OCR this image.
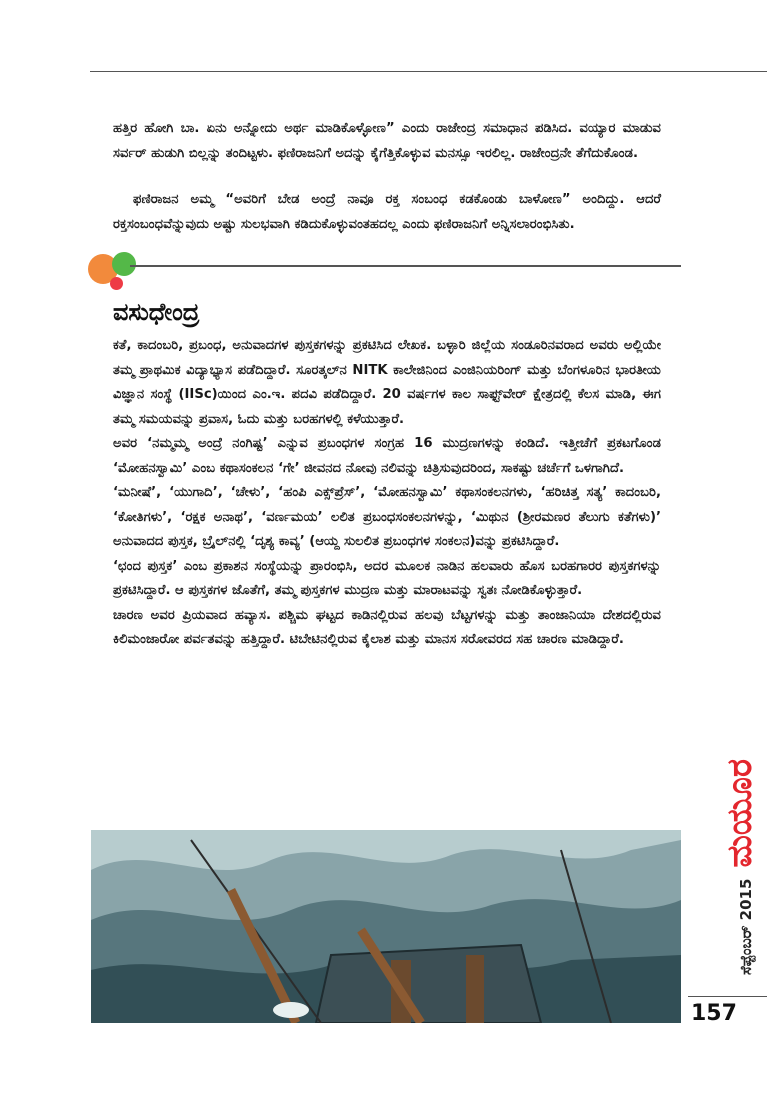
ಹತ್ತಿರ ಹೋಗಿ ಬಾ. ಏನು ಅನ್ನೋದು ಅರ್ಥ ಮಾಡಿಕೊಳ್ಳೋಣ” ಎಂದು ರಾಜೇಂದ್ರ ಸಮಾಧಾನ ಪಡಿಸಿದ. ವಯ್ಯಾರ ಮಾಡುವ ಸರ್ವರ್ ಹುಡುಗಿ ಬಿಲ್ಲನ್ನು ತಂದಿಟ್ಟಳು. ಫಣಿರಾಜನಿಗೆ ಅದನ್ನು ಕೈಗೆತ್ತಿಕೊಳ್ಳುವ ಮನಸ್ಸೂ ಇರಲಿಲ್ಲ. ರಾಜೇಂದ್ರನೇ ತೆಗೆದುಕೊಂಡ.

ಫಣಿರಾಜನ ಅಮ್ಮ “ಅವರಿಗೆ ಬೇಡ ಅಂದ್ರೆ ನಾವೂ ರಕ್ತ ಸಂಬಂಧ ಕಡಕೊಂಡು ಬಾಳೋಣ” ಅಂದಿದ್ದು. ಆದರೆ ರಕ್ತಸಂಬಂಧವೆನ್ನುವುದು ಅಷ್ಟು ಸುಲಭವಾಗಿ ಕಡಿದುಕೊಳ್ಳುವಂತಹದಲ್ಲ ಎಂದು ಫಣಿರಾಜನಿಗೆ ಅನ್ನಿಸಲಾರಂಭಿಸಿತು.

ವಸುಧೇಂದ್ರ

ಕತೆ, ಕಾದಂಬರಿ, ಪ್ರಬಂಧ, ಅನುವಾದಗಳ ಪುಸ್ತಕಗಳನ್ನು ಪ್ರಕಟಿಸಿದ ಲೇಖಕ. ಬಳ್ಳಾರಿ ಜಿಲ್ಲೆಯ ಸಂಡೂರಿನವರಾದ ಅವರು ಅಲ್ಲಿಯೇ ತಮ್ಮ ಪ್ರಾಥಮಿಕ ವಿದ್ಯಾಭ್ಯಾಸ ಪಡೆದಿದ್ದಾರೆ. ಸೂರತ್ಕಲ್‌ನ NITK ಕಾಲೇಜಿನಿಂದ ಎಂಜಿನಿಯರಿಂಗ್ ಮತ್ತು ಬೆಂಗಳೂರಿನ ಭಾರತೀಯ ವಿಜ್ಞಾನ ಸಂಸ್ಥೆ (IISc)ಯಿಂದ ಎಂ.ಇ. ಪದವಿ ಪಡೆದಿದ್ದಾರೆ. 20 ವರ್ಷಗಳ ಕಾಲ ಸಾಫ್ಟ್‌ವೇರ್ ಕ್ಷೇತ್ರದಲ್ಲಿ ಕೆಲಸ ಮಾಡಿ, ಈಗ ತಮ್ಮ ಸಮಯವನ್ನು ಪ್ರವಾಸ, ಓದು ಮತ್ತು ಬರಹಗಳಲ್ಲಿ ಕಳೆಯುತ್ತಾರೆ.

ಅವರ ‘ನಮ್ಮಮ್ಮ ಅಂದ್ರೆ ನಂಗಿಷ್ಟ’ ಎನ್ನುವ ಪ್ರಬಂಧಗಳ ಸಂಗ್ರಹ 16 ಮುದ್ರಣಗಳನ್ನು ಕಂಡಿದೆ. ಇತ್ತೀಚೆಗೆ ಪ್ರಕಟಗೊಂಡ ‘ಮೋಹನಸ್ವಾಮಿ’ ಎಂಬ ಕಥಾಸಂಕಲನ ‘ಗೇ’ ಜೀವನದ ನೋವು ನಲಿವನ್ನು ಚಿತ್ರಿಸುವುದರಿಂದ, ಸಾಕಷ್ಟು ಚರ್ಚೆಗೆ ಒಳಗಾಗಿದೆ.

‘ಮನೀಷೆ’, ‘ಯುಗಾದಿ’, ‘ಚೇಳು’, ‘ಹಂಪಿ ಎಕ್ಸ್‌ಪ್ರೆಸ್’, ‘ಮೋಹನಸ್ವಾಮಿ’ ಕಥಾಸಂಕಲನಗಳು, ‘ಹರಿಚಿತ್ತ ಸತ್ಯ’ ಕಾದಂಬರಿ, ‘ಕೋತಿಗಳು’, ‘ರಕ್ಷಕ ಅನಾಥ’, ‘ವರ್ಣಮಯ’ ಲಲಿತ ಪ್ರಬಂಧಸಂಕಲನಗಳನ್ನು, ‘ಮಿಥುನ (ಶ್ರೀರಮಣರ ತೆಲುಗು ಕತೆಗಳು)’ ಅನುವಾದದ ಪುಸ್ತಕ, ಬ್ರೈಲ್‌ನಲ್ಲಿ ‘ದೃಶ್ಯ ಕಾವ್ಯ’ (ಆಯ್ದ ಸುಲಲಿತ ಪ್ರಬಂಧಗಳ ಸಂಕಲನ)ವನ್ನು ಪ್ರಕಟಿಸಿದ್ದಾರೆ.

‘ಛಂದ ಪುಸ್ತಕ’ ಎಂಬ ಪ್ರಕಾಶನ ಸಂಸ್ಥೆಯನ್ನು ಪ್ರಾರಂಭಿಸಿ, ಅದರ ಮೂಲಕ ನಾಡಿನ ಹಲವಾರು ಹೊಸ ಬರಹಗಾರರ ಪುಸ್ತಕಗಳನ್ನು ಪ್ರಕಟಿಸಿದ್ದಾರೆ. ಆ ಪುಸ್ತಕಗಳ ಜೊತೆಗೆ, ತಮ್ಮ ಪುಸ್ತಕಗಳ ಮುದ್ರಣ ಮತ್ತು ಮಾರಾಟವನ್ನು ಸ್ವತಃ ನೋಡಿಕೊಳ್ಳುತ್ತಾರೆ.

ಚಾರಣ ಅವರ ಪ್ರಿಯವಾದ ಹವ್ಯಾಸ. ಪಶ್ಚಿಮ ಘಟ್ಟದ ಕಾಡಿನಲ್ಲಿರುವ ಹಲವು ಬೆಟ್ಟಗಳನ್ನು ಮತ್ತು ತಾಂಜಾನಿಯಾ ದೇಶದಲ್ಲಿರುವ ಕಿಲಿಮಂಜಾರೋ ಪರ್ವತವನ್ನು ಹತ್ತಿದ್ದಾರೆ. ಟಿಬೇಟಿನಲ್ಲಿರುವ ಕೈಲಾಶ ಮತ್ತು ಮಾನಸ ಸರೋವರದ ಸಹ ಚಾರಣ ಮಾಡಿದ್ದಾರೆ.

ಸೆಪ್ಟೆಂಬರ್ 2015 ಮಯೂರ
157
